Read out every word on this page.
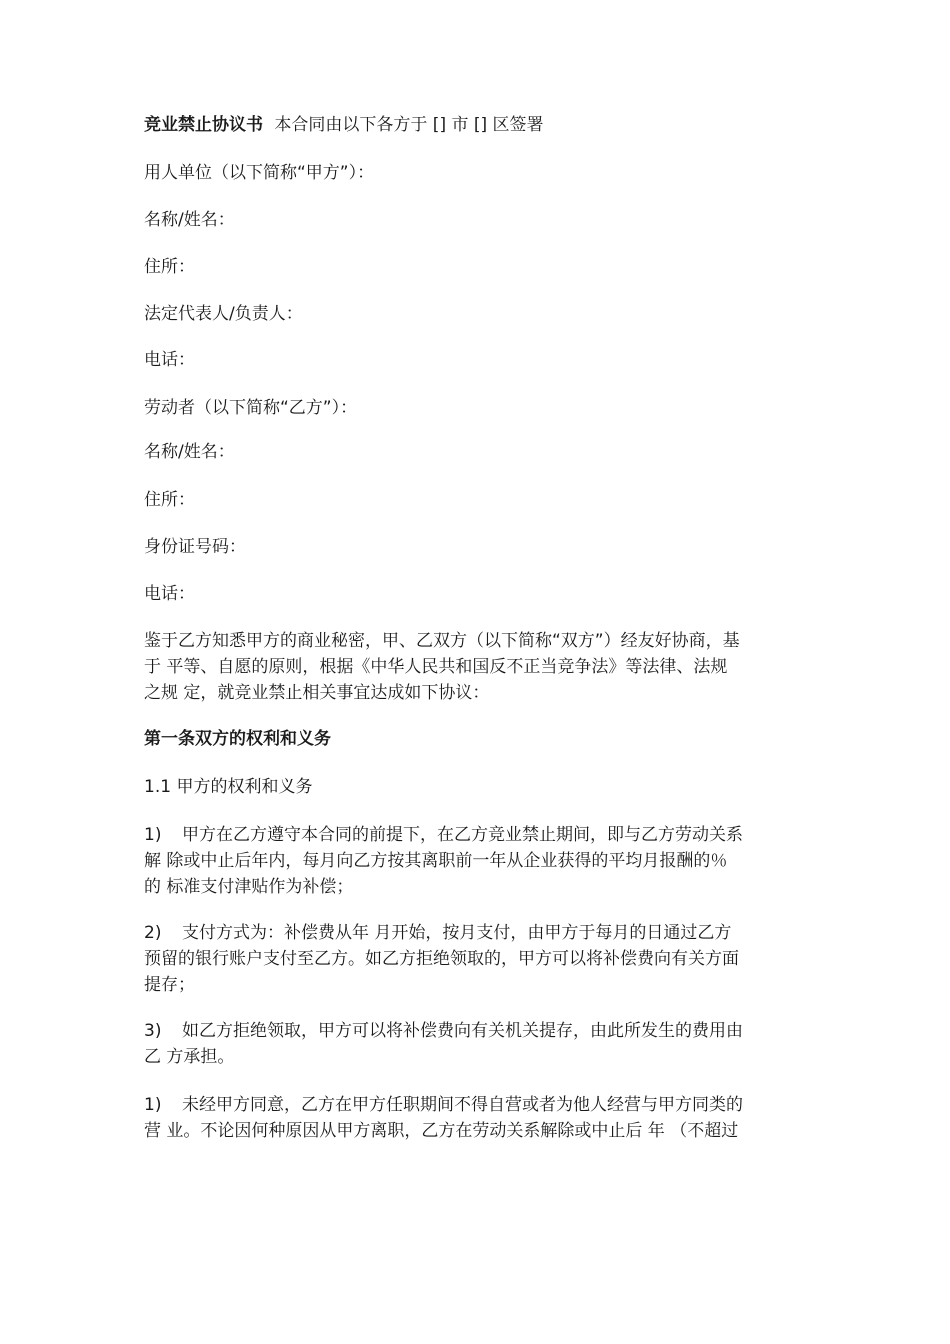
竞业禁止协议书 本合同由以下各方于 [] 市 [] 区签署

用人单位（以下简称“甲方”）：

名称/姓名：

住所：

法定代表人/负责人：

电话：

劳动者（以下简称“乙方”）：

名称/姓名：

住所：

身份证号码：

电话：

鉴于乙方知悉甲方的商业秘密，甲、乙双方（以下简称“双方”）经友好协商，基

于 平等、自愿的原则，根据《中华人民共和国反不正当竞争法》等法律、法规

之规 定，就竞业禁止相关事宜达成如下协议：

第一条双方的权利和义务

1.1 甲方的权利和义务

1) 甲方在乙方遵守本合同的前提下，在乙方竞业禁止期间，即与乙方劳动关系

解 除或中止后年内，每月向乙方按其离职前一年从企业获得的平均月报酬的％

的 标准支付津贴作为补偿；

2) 支付方式为：补偿费从年 月开始，按月支付，由甲方于每月的日通过乙方

预留的银行账户支付至乙方。如乙方拒绝领取的，甲方可以将补偿费向有关方面

提存；

3) 如乙方拒绝领取，甲方可以将补偿费向有关机关提存，由此所发生的费用由

乙 方承担。

1) 未经甲方同意，乙方在甲方任职期间不得自营或者为他人经营与甲方同类的

营 业。不论因何种原因从甲方离职，乙方在劳动关系解除或中止后 年 （不超过
